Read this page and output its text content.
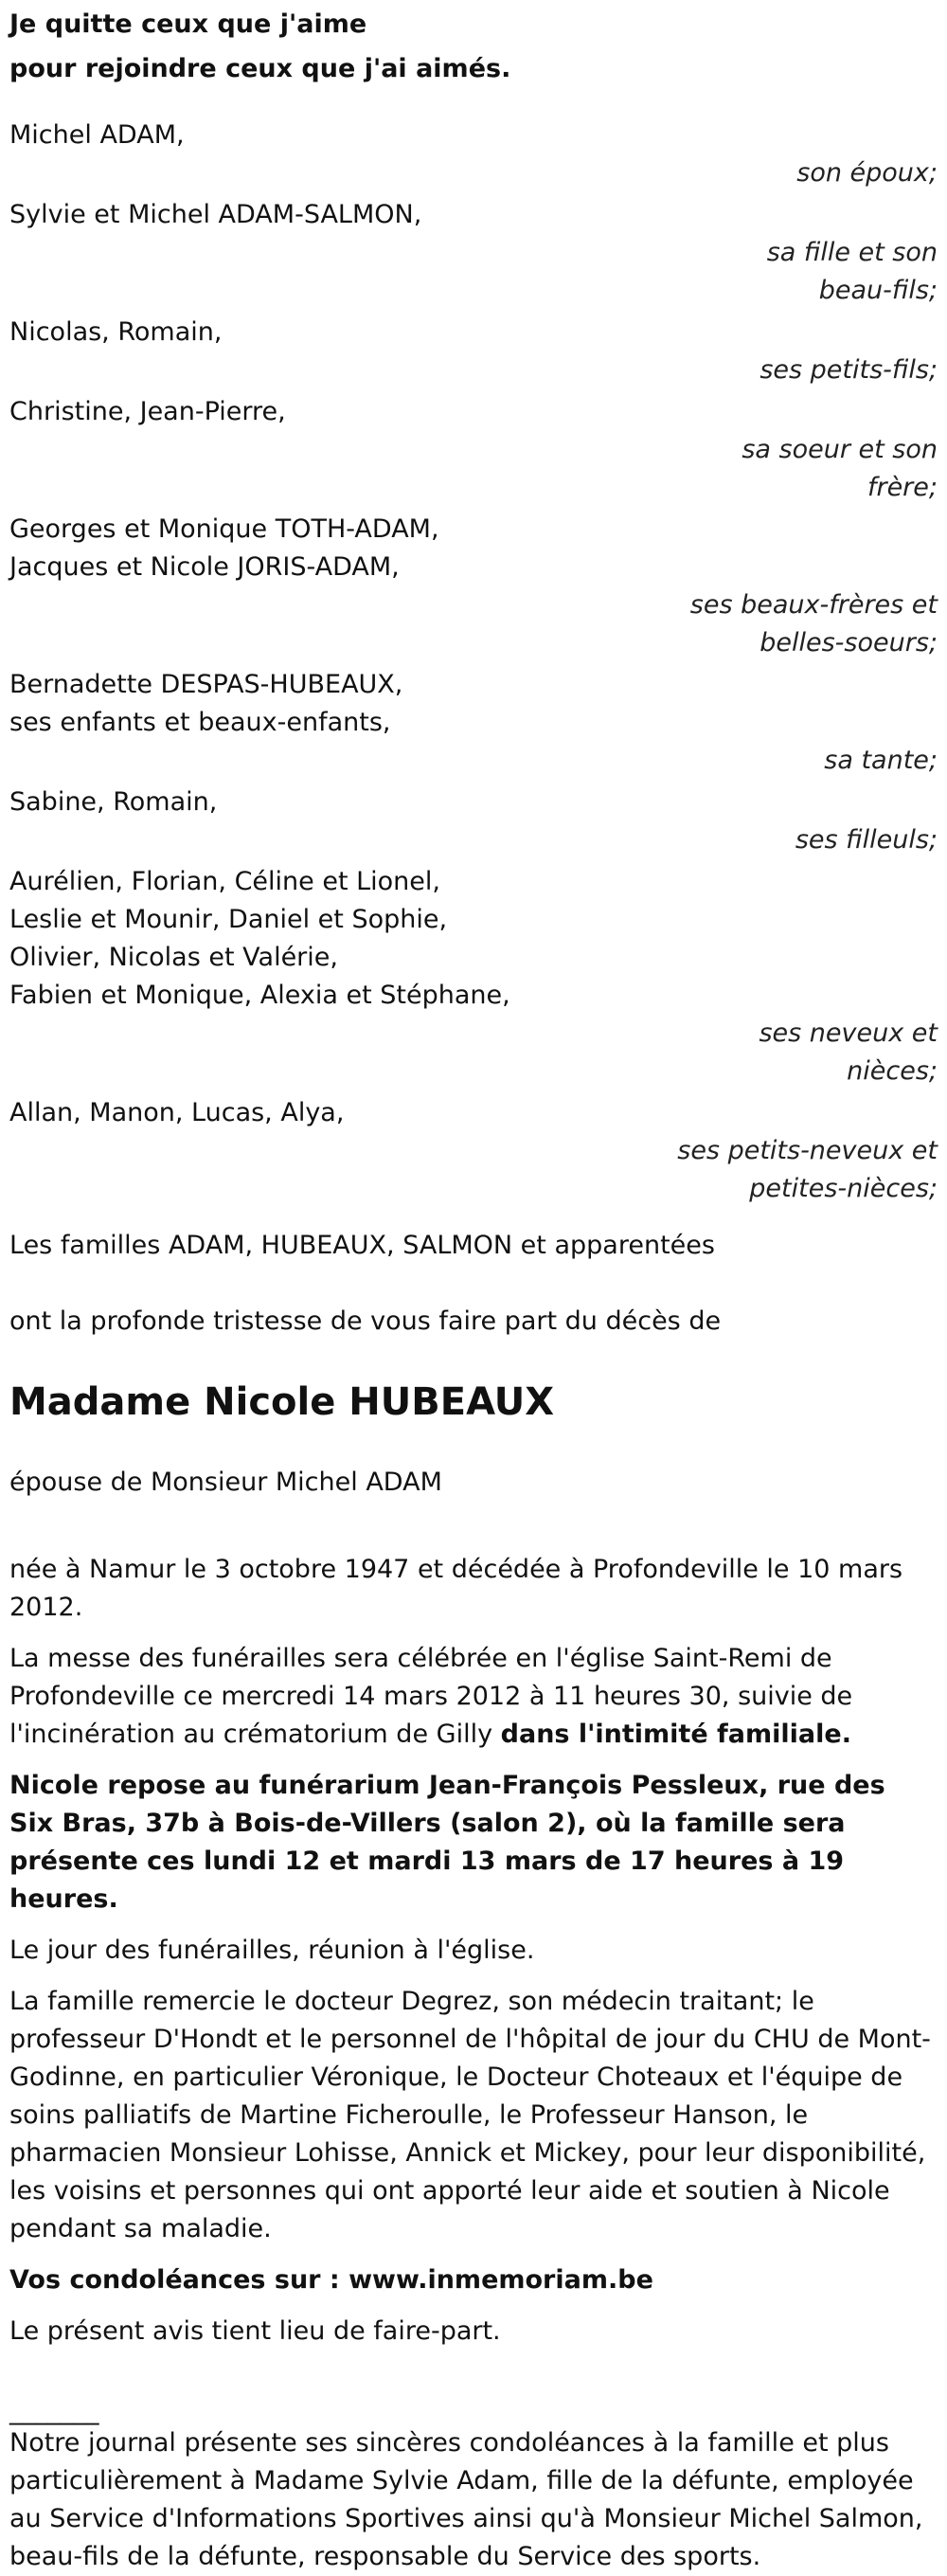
Je quitte ceux que j'aime
pour rejoindre ceux que j'ai aimés.
Michel ADAM,
son époux;
Sylvie et Michel ADAM-SALMON,
sa fille et son
beau-fils;
Nicolas, Romain,
ses petits-fils;
Christine, Jean-Pierre,
sa soeur et son
frère;
Georges et Monique TOTH-ADAM,
Jacques et Nicole JORIS-ADAM,
ses beaux-frères et
belles-soeurs;
Bernadette DESPAS-HUBEAUX,
ses enfants et beaux-enfants,
sa tante;
Sabine, Romain,
ses filleuls;
Aurélien, Florian, Céline et Lionel,
Leslie et Mounir, Daniel et Sophie,
Olivier, Nicolas et Valérie,
Fabien et Monique, Alexia et Stéphane,
ses neveux et
nièces;
Allan, Manon, Lucas, Alya,
ses petits-neveux et
petites-nièces;
Les familles ADAM, HUBEAUX, SALMON et apparentées
ont la profonde tristesse de vous faire part du décès de
Madame Nicole HUBEAUX
épouse de Monsieur Michel ADAM
née à Namur le 3 octobre 1947 et décédée à Profondeville le 10 mars 2012.
La messe des funérailles sera célébrée en l'église Saint-Remi de Profondeville ce mercredi 14 mars 2012 à 11 heures 30, suivie de l'incinération au crématorium de Gilly dans l'intimité familiale.
Nicole repose au funérarium Jean-François Pessleux, rue des Six Bras, 37b à Bois-de-Villers (salon 2), où la famille sera présente ces lundi 12 et mardi 13 mars de 17 heures à 19 heures.
Le jour des funérailles, réunion à l'église.
La famille remercie le docteur Degrez, son médecin traitant; le professeur D'Hondt et le personnel de l'hôpital de jour du CHU de Mont-Godinne, en particulier Véronique, le Docteur Choteaux et l'équipe de soins palliatifs de Martine Ficheroulle, le Professeur Hanson, le pharmacien Monsieur Lohisse, Annick et Mickey, pour leur disponibilité, les voisins et personnes qui ont apporté leur aide et soutien à Nicole pendant sa maladie.
Vos condoléances sur : www.inmemoriam.be
Le présent avis tient lieu de faire-part.
_______
Notre journal présente ses sincères condoléances à la famille et plus particulièrement à Madame Sylvie Adam, fille de la défunte, employée au Service d'Informations Sportives ainsi qu'à Monsieur Michel Salmon, beau-fils de la défunte, responsable du Service des sports.
